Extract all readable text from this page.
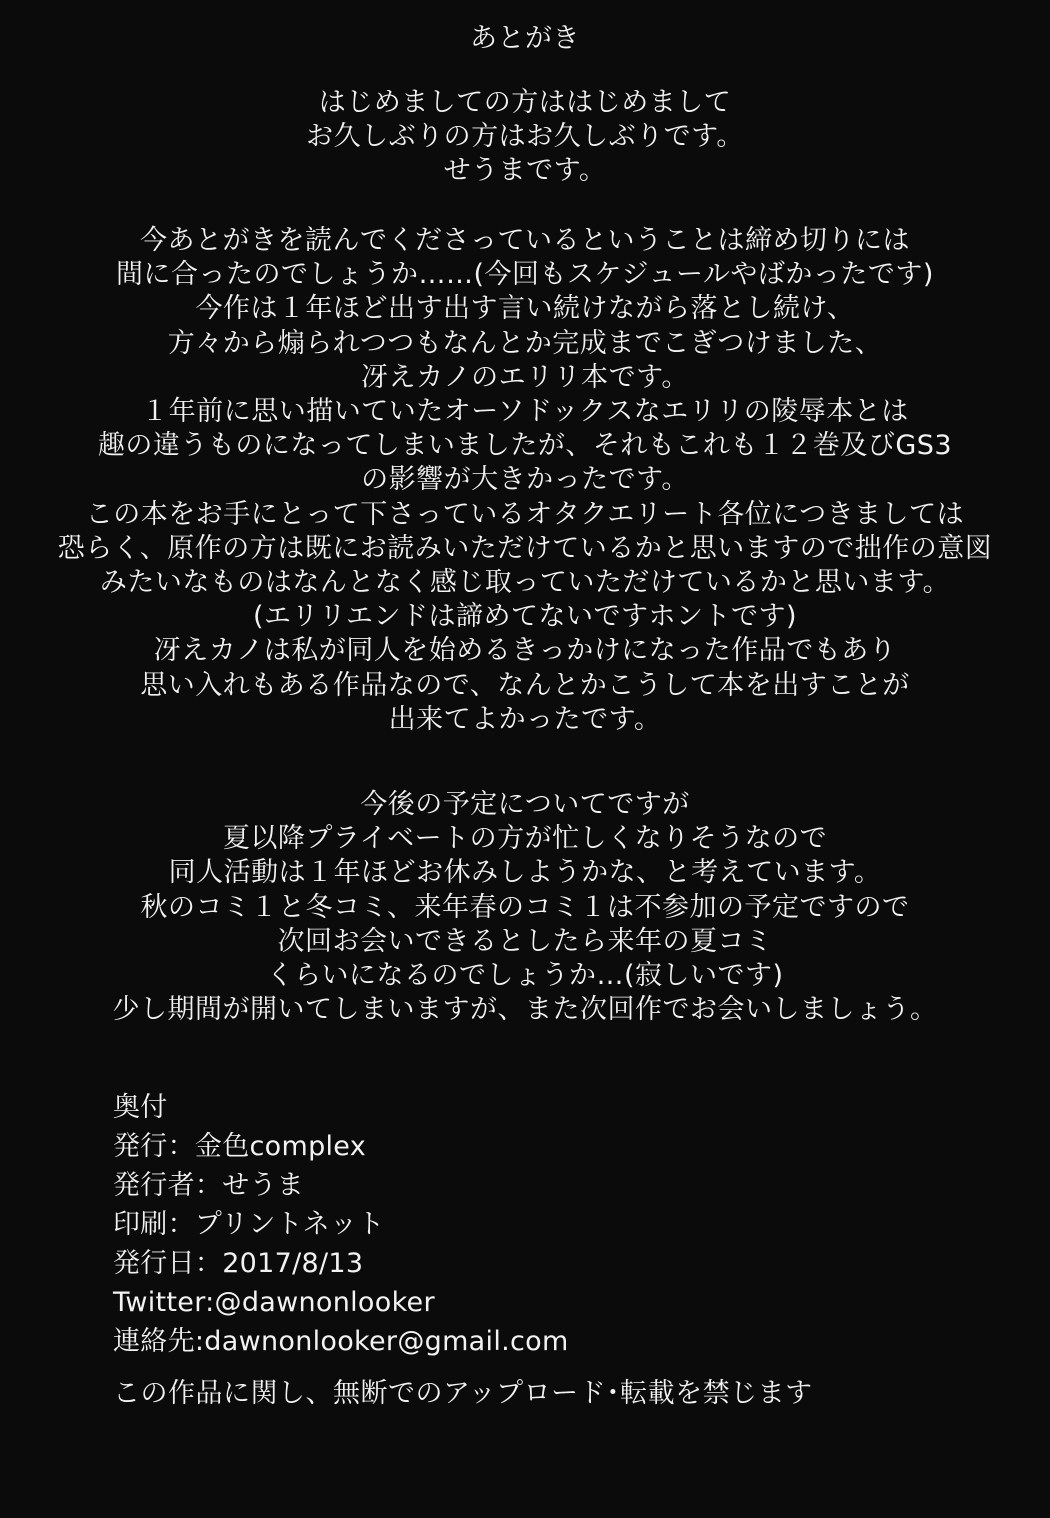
あとがき
はじめましての方ははじめまして
お久しぶりの方はお久しぶりです。
せうまです。
今あとがきを読んでくださっているということは締め切りには
間に合ったのでしょうか……(今回もスケジュールやばかったです)
今作は１年ほど出す出す言い続けながら落とし続け、
方々から煽られつつもなんとか完成までこぎつけました、
冴えカノのエリリ本です。
１年前に思い描いていたオーソドックスなエリリの陵辱本とは
趣の違うものになってしまいましたが、それもこれも１２巻及びGS3
の影響が大きかったです。
この本をお手にとって下さっているオタクエリート各位につきましては
恐らく、原作の方は既にお読みいただけているかと思いますので拙作の意図
みたいなものはなんとなく感じ取っていただけているかと思います。
(エリリエンドは諦めてないですホントです)
冴えカノは私が同人を始めるきっかけになった作品でもあり
思い入れもある作品なので、なんとかこうして本を出すことが
出来てよかったです。
今後の予定についてですが
夏以降プライベートの方が忙しくなりそうなので
同人活動は１年ほどお休みしようかな、と考えています。
秋のコミ１と冬コミ、来年春のコミ１は不参加の予定ですので
次回お会いできるとしたら来年の夏コミ
くらいになるのでしょうか…(寂しいです)
少し期間が開いてしまいますが、また次回作でお会いしましょう。
奥付
発行：金色complex
発行者：せうま
印刷：プリントネット
発行日：2017/8/13
Twitter:@dawnonlooker
連絡先:dawnonlooker@gmail.com
この作品に関し、無断でのアップロード･転載を禁じます
